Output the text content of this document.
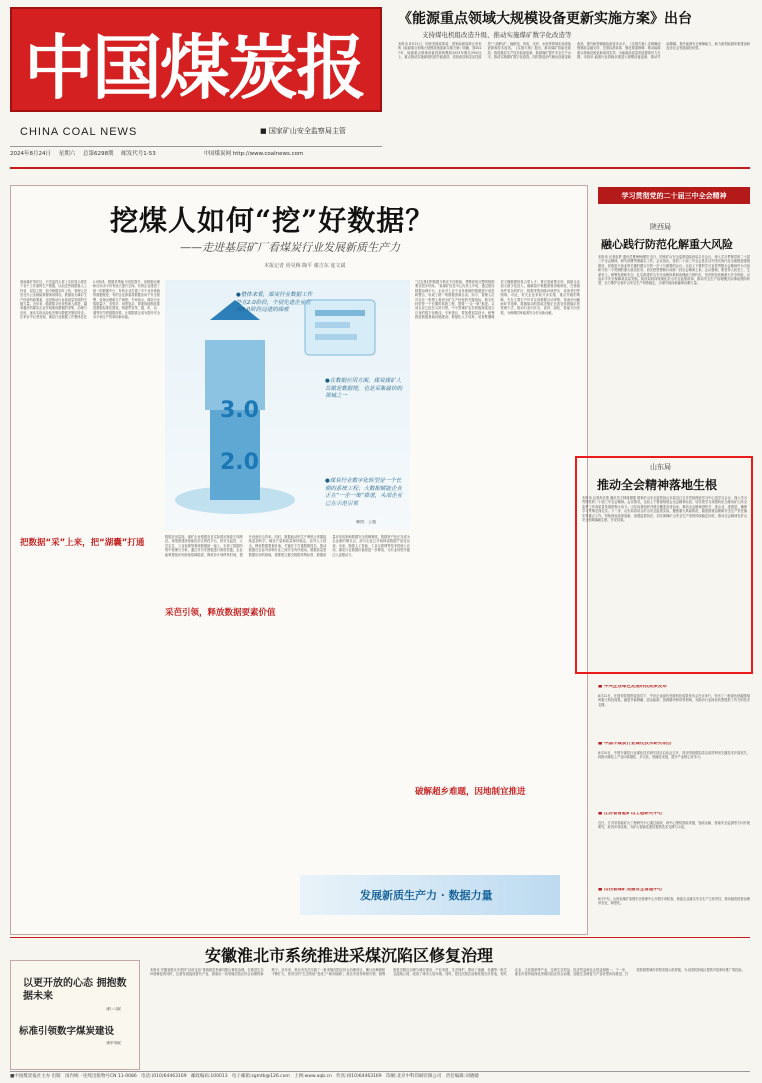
中国煤炭报
CHINA COAL NEWS	■ 国家矿山安全监察局主管
2024年8月24日 星期六 总第6298期 邮发代号1-53	中国煤炭网 http://www.coalnews.com
《能源重点领域大规模设备更新实施方案》出台
支持煤电机组改造升级、推动实施煤矿数字化改造等
本报讯 8月21日，国家发展改革委、国家能源局联合发布的《能源重点领域大规模设备更新实施方案》明确，到2027年，能源重点领域设备投资规模较2023年增长25%以上，重点推动实施煤电机组节能改造、供热改造和灵活性改造“三改联动”，输配电、风电、光伏、水电等领域实现设备更新和技术改造。《实施方案》提出，推动煤矿智能化改造，推进煤炭生产技术装备更新，鼓励煤矿提升安全生产水平，推动实施煤矿数字化改造。同时推进油气储运设备更新改造，提升新型储能装备技术水平。《实施方案》还明确加强财政金融支持、完善标准体系、强化要素保障，推动能源重点领域设备更新取得实效，为能源高质量发展提供有力支撑。本报讯 能源行业将稳步推进大规模设备更新，推动节能降碳，提升能源安全保障能力，助力新型能源体系建设和经济社会发展绿色转型。
挖煤人如何“挖”好数据？
——走进基层矿厂看煤炭行业发展新质生产力
本报记者 尚昊梅 陶平 谢吉东 庞文斌
3.0
2.0
●整体来看，煤炭行业数据工作处在2.0阶段，个别先进企业在向3.0阶段迈进的探索
●在数据应用方面，煤炭煤矿人员做是数据提，也是采集最快的领域之一
●煤炭行业数字化转型是一个长期的系统工程；大数据赋能企业正在“一企一策”推进，头部企业已在示范引领
制图：王超
淮南煤矿采矿区，只见监控大屏上实时显示着井下各个工作面的生产数据，以前这些数据靠人工抄录、层层上报，如今数据实时上传，管理人员坐在办公室就能掌握现场情况。数据成为煤矿生产经营的新要素，也是推动行业高质量发展的关键力量。近年来，随着数字化转型深入推进，越来越多的煤炭企业开始重视数据的采集、治理与应用，逐步实现从经验决策向数据决策的转变。在采访中记者发现，煤炭行业数据工作整体处在2.0阶段，数据采集能力明显提升，但数据治理和应用水平仍有较大提升空间。有的企业建设了统一的数据中台，有的企业打通了多个业务系统的数据壁垒，有的企业探索将数据应用于安全预警、设备运维和生产调度。专家表示，煤炭行业数据量大、类型多、场景复杂，需要因地制宜推进数据标准化建设，构建贯穿采、掘、机、运、通等环节的数据体系，让数据真正成为提升安全水平和生产效率的新动能。
把数据“采”上来，把“湖囊”打通
数据应用层面，煤矿企业根据各自实际情况探索不同路径。某集团建设智能化综合管控平台，将安全监控、人员定位、工业视频等系统数据统一接入，实现了数据的集中管理与分析。通过对历史数据进行深度挖掘，企业能够提前识别设备故障隐患，降低非计划停机时间，提升设备综合效率。同时，数据驱动的生产调度让采掘接续更加科学，煤炭产量和质量保持稳定。业内人士指出，释放数据要素价值，关键在于打通数据孤岛，推动数据在企业内部和行业之间安全有序流动。数据质量是数据应用的基础，需要建立健全数据采集标准、数据质量评估机制和数据安全管理制度。数据资产化正在成为企业新的增长点，部分企业已开始探索数据产品化运营。未来，随着人工智能、工业互联网等技术的深入应用，煤炭行业数据价值将进一步释放，为行业转型升级注入更强动力。
采芭引领，释放数据要素价值
“过去我们的数据分散在不同系统，想要获取完整的数据要花很多时间。”某煤矿信息中心负责人介绍，通过建设数据治理平台，企业对上百个业务系统的数据进行清洗和整合，形成了统一的数据资源目录。如今，管理人员可以在一张图上看到全矿生产经营的关键指标。数字化转型是一个长期的系统工程，需要“一企一策”推进。头部企业已经在示范引领，中小型煤矿也在积极探索适合自身的数字化路径。专家建议，要加强顶层设计，统筹推进数据基础设施建设；要强化人才培养，培育既懂煤炭又懂数据的复合型人才；要完善政策支持，鼓励企业加大数字化投入。破解超乡难题需要因地制宜，在资源条件复杂的矿区，数据采集面临环境恶劣、设备老旧等困难。对此，有关企业采取分步实施、重点突破的策略，先在主要生产环节实现数据自动采集，再逐步向辅助环节延伸。数据驱动的智能决策正在改变传统煤矿的管理方式，推动行业向安全、高效、绿色、智能方向发展，为保障国家能源安全作出新贡献。
破解超乡难题，因地制宜推进
发展新质生产力 · 数据力量
学习贯彻党的二十届三中全会精神
陕西局
融心践行防范化解重大风险
本报讯 记者赵梦 通讯员曹海杨璀国 近日，国家矿山安全监察局陕西局召开会议，深入学习贯彻党的二十届三中全会精神，研究部署贯彻落实工作。会议指出，党的二十届三中全会是在以中国式现代化全面推进强国建设、民族复兴伟业的关键时期召开的一次十分重要的会议。全局上下要把学习宣传贯彻全会精神作为当前和今后一个时期的重大政治任务，切实把思想和行动统一到全会精神上来。会议强调，要坚持人民至上、生命至上，统筹发展和安全，扎实推进矿山安全治理体系和治理能力现代化，坚决防范化解重大安全风险，以高水平安全保障高质量发展。陕西局将持续深化矿山安全监察改革，推动安全生产治理模式向事前预防转型，全力维护全省矿山安全生产形势稳定，为谱写陕西新篇章贡献力量。
山东局
推动全会精神落地生根
本报讯 记者高长燕 通讯员王林周德强 国家矿山安全监察局山东局近日召开党组理论学习中心组学习会议，深入学习贯彻党的二十届三中全会精神。会议要求，全局上下要深刻领会全会精神实质，切实把学习成果转化为推动矿山安全监察工作高质量发展的强大动力。山东局将组织开展全覆盖宣讲活动，推动全会精神进机关、进企业、进基层，确保学习贯彻走深走实。下一步，山东局将结合矿山安全监管实际，聚焦重大风险防范、隐患排查治理和安全生产责任落实等重点工作，持续深化改革创新，加强监管执法，切实保障矿山安全生产形势持续稳定向好，推动全会精神在矿山安全领域落地生根、开花结果。
■ 中央企业绿色发展科技成果发布
8月21日，在国务院国资委指导下，中央企业绿色发展科技成果发布会在京举行，发布了一批绿色低碳领域的重大科技成果，涵盖节能降碳、清洁能源、资源循环利用等领域，为推动行业绿色转型提供了有力的技术支撑。
■ 中国半煤炭行业煤化技术研究项目
8月20日，中国半煤炭行业煤化技术研究项目启动会召开，项目围绕煤炭清洁高效利用关键技术开展攻关，将推动煤化工产业向高端化、多元化、低碳化发展，提升产业核心竞争力。
■ 江苏省智能矿山工程研究中心
近日，江苏省智能矿山工程研究中心通过验收，该中心围绕智能采掘、智能运输、智能安全监测等方向开展研究，取得多项成果，为矿山智能化建设提供技术支撑与示范。
■ 山西省煤矿加强安全管理中心
8月中旬，山西省煤矿加强安全管理中心开展专项检查，督促企业落实安全生产主体责任，推动隐患排查治理常态化、制度化。
安徽淮北市系统推进采煤沉陷区修复治理
以更开放的心态 拥抱数据未来
第三版
标准引领数字煤炭建设
第四版
本报讯 安徽省淮北市坚持“以用定治”系统推进采煤沉陷区修复治理，在推进生态环境修复的同时，注重发展接续替代产业，探索出一条采煤沉陷区综合治理的新路子。近年来，淮北市先后实施了一批采煤沉陷区综合治理项目，累计治理面积不断扩大，将昔日的“生态伤疤”变成了“城市绿肺”。淮北市坚持规划引领，统筹推进沉陷区治理与城市建设、产业发展、生态保护，建设了南湖、东湖等一批生态湿地公园，改善了城市人居环境。同时，依托沉陷区治理发展光伏发电、现代农业、文化旅游等产业，实现生态效益、经济效益和社会效益相统一。下一步，淮北市将持续深化采煤沉陷区综合治理，加强生态修复与产业转型协同推进，打造资源型城市转型发展示范样板，为全国同类地区提供可复制可推广的经验。
■中国煤炭报社主办 出版 国内统一连续出版物号CN 11-0086 电话:(010)64463169 邮政编码:100013 电子邮箱:zgmtb@126.com 上网:www.aqb.cn 传真:(010)64463169 印刷:北京中科印刷有限公司 责任编辑:刘晓嫱
